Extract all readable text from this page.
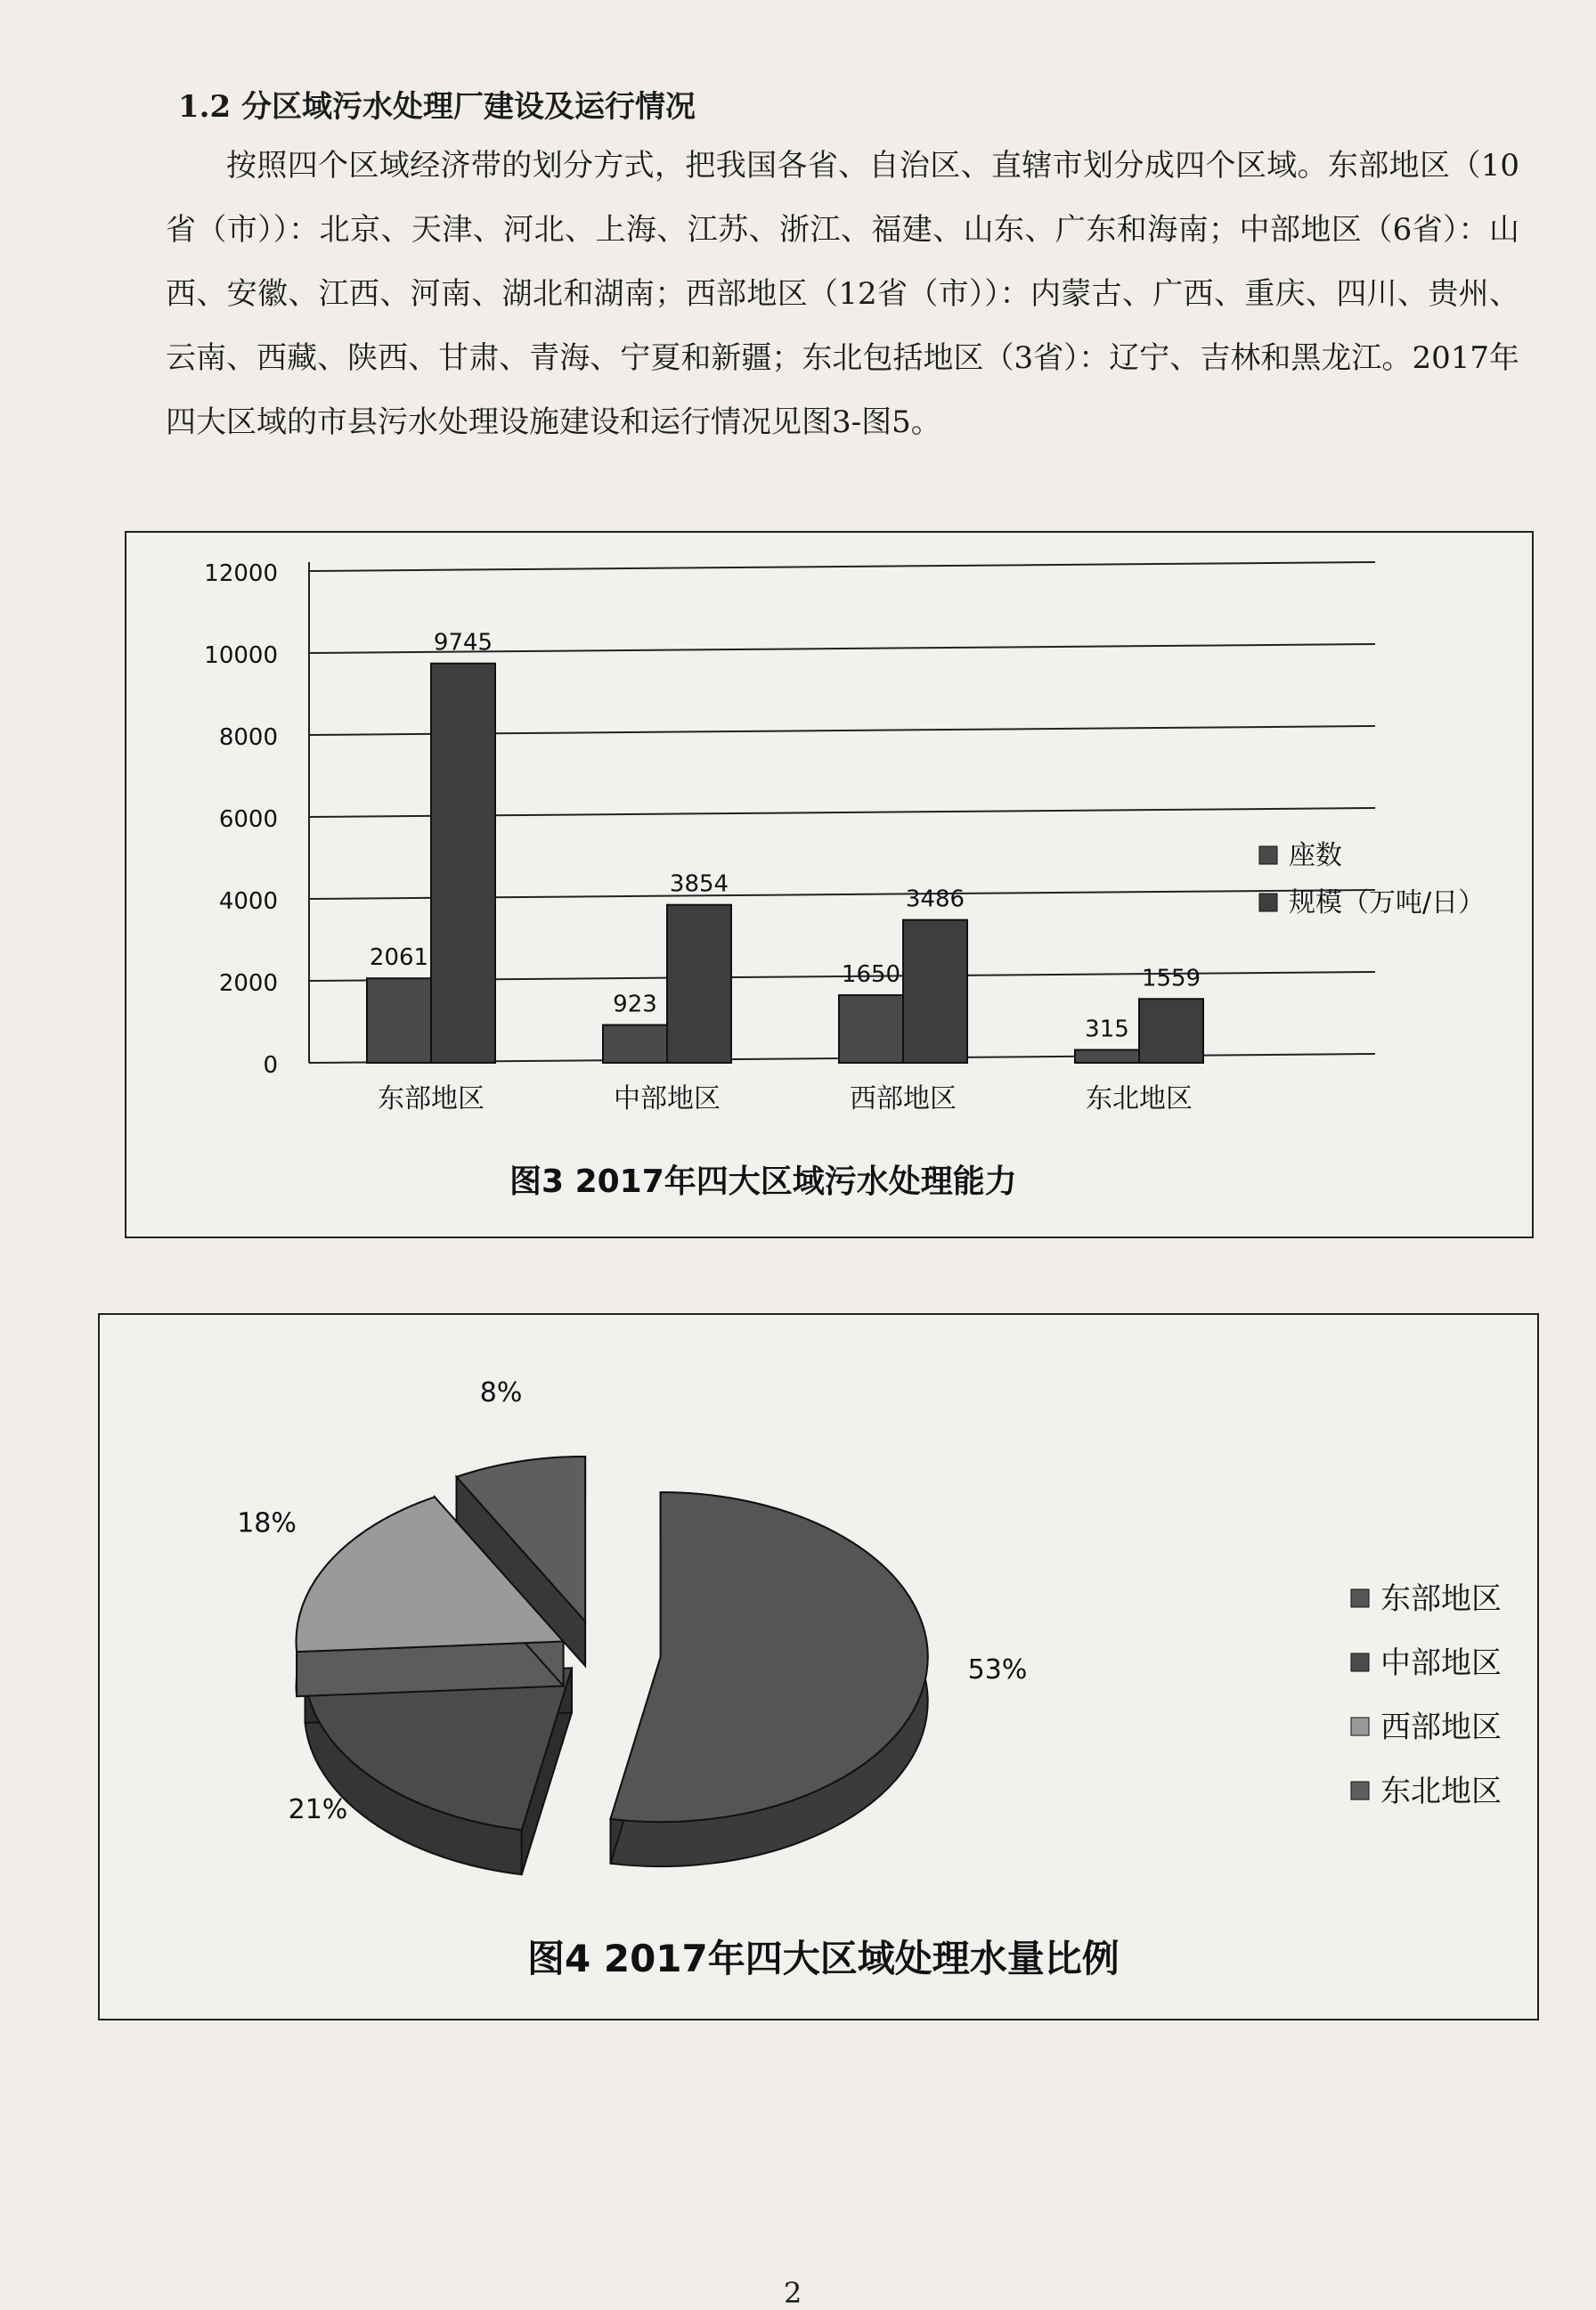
1.2 分区域污水处理厂建设及运行情况
按照四个区域经济带的划分方式，把我国各省、自治区、直辖市划分成四个区域。东部地区（10省（市））：北京、天津、河北、上海、江苏、浙江、福建、山东、广东和海南；中部地区（6省）：山西、安徽、江西、河南、湖北和湖南；西部地区（12省（市））：内蒙古、广西、重庆、四川、贵州、云南、西藏、陕西、甘肃、青海、宁夏和新疆；东北包括地区（3省）：辽宁、吉林和黑龙江。2017年四大区域的市县污水处理设施建设和运行情况见图3-图5。
0
2000
4000
6000
8000
10000
12000
2061
9745
东部地区
923
3854
中部地区
1650
3486
西部地区
315
1559
东北地区
座数
规模（万吨/日）
图3 2017年四大区域污水处理能力
53%
21%
18%
8%
东部地区
中部地区
西部地区
东北地区
图4 2017年四大区域处理水量比例
2
